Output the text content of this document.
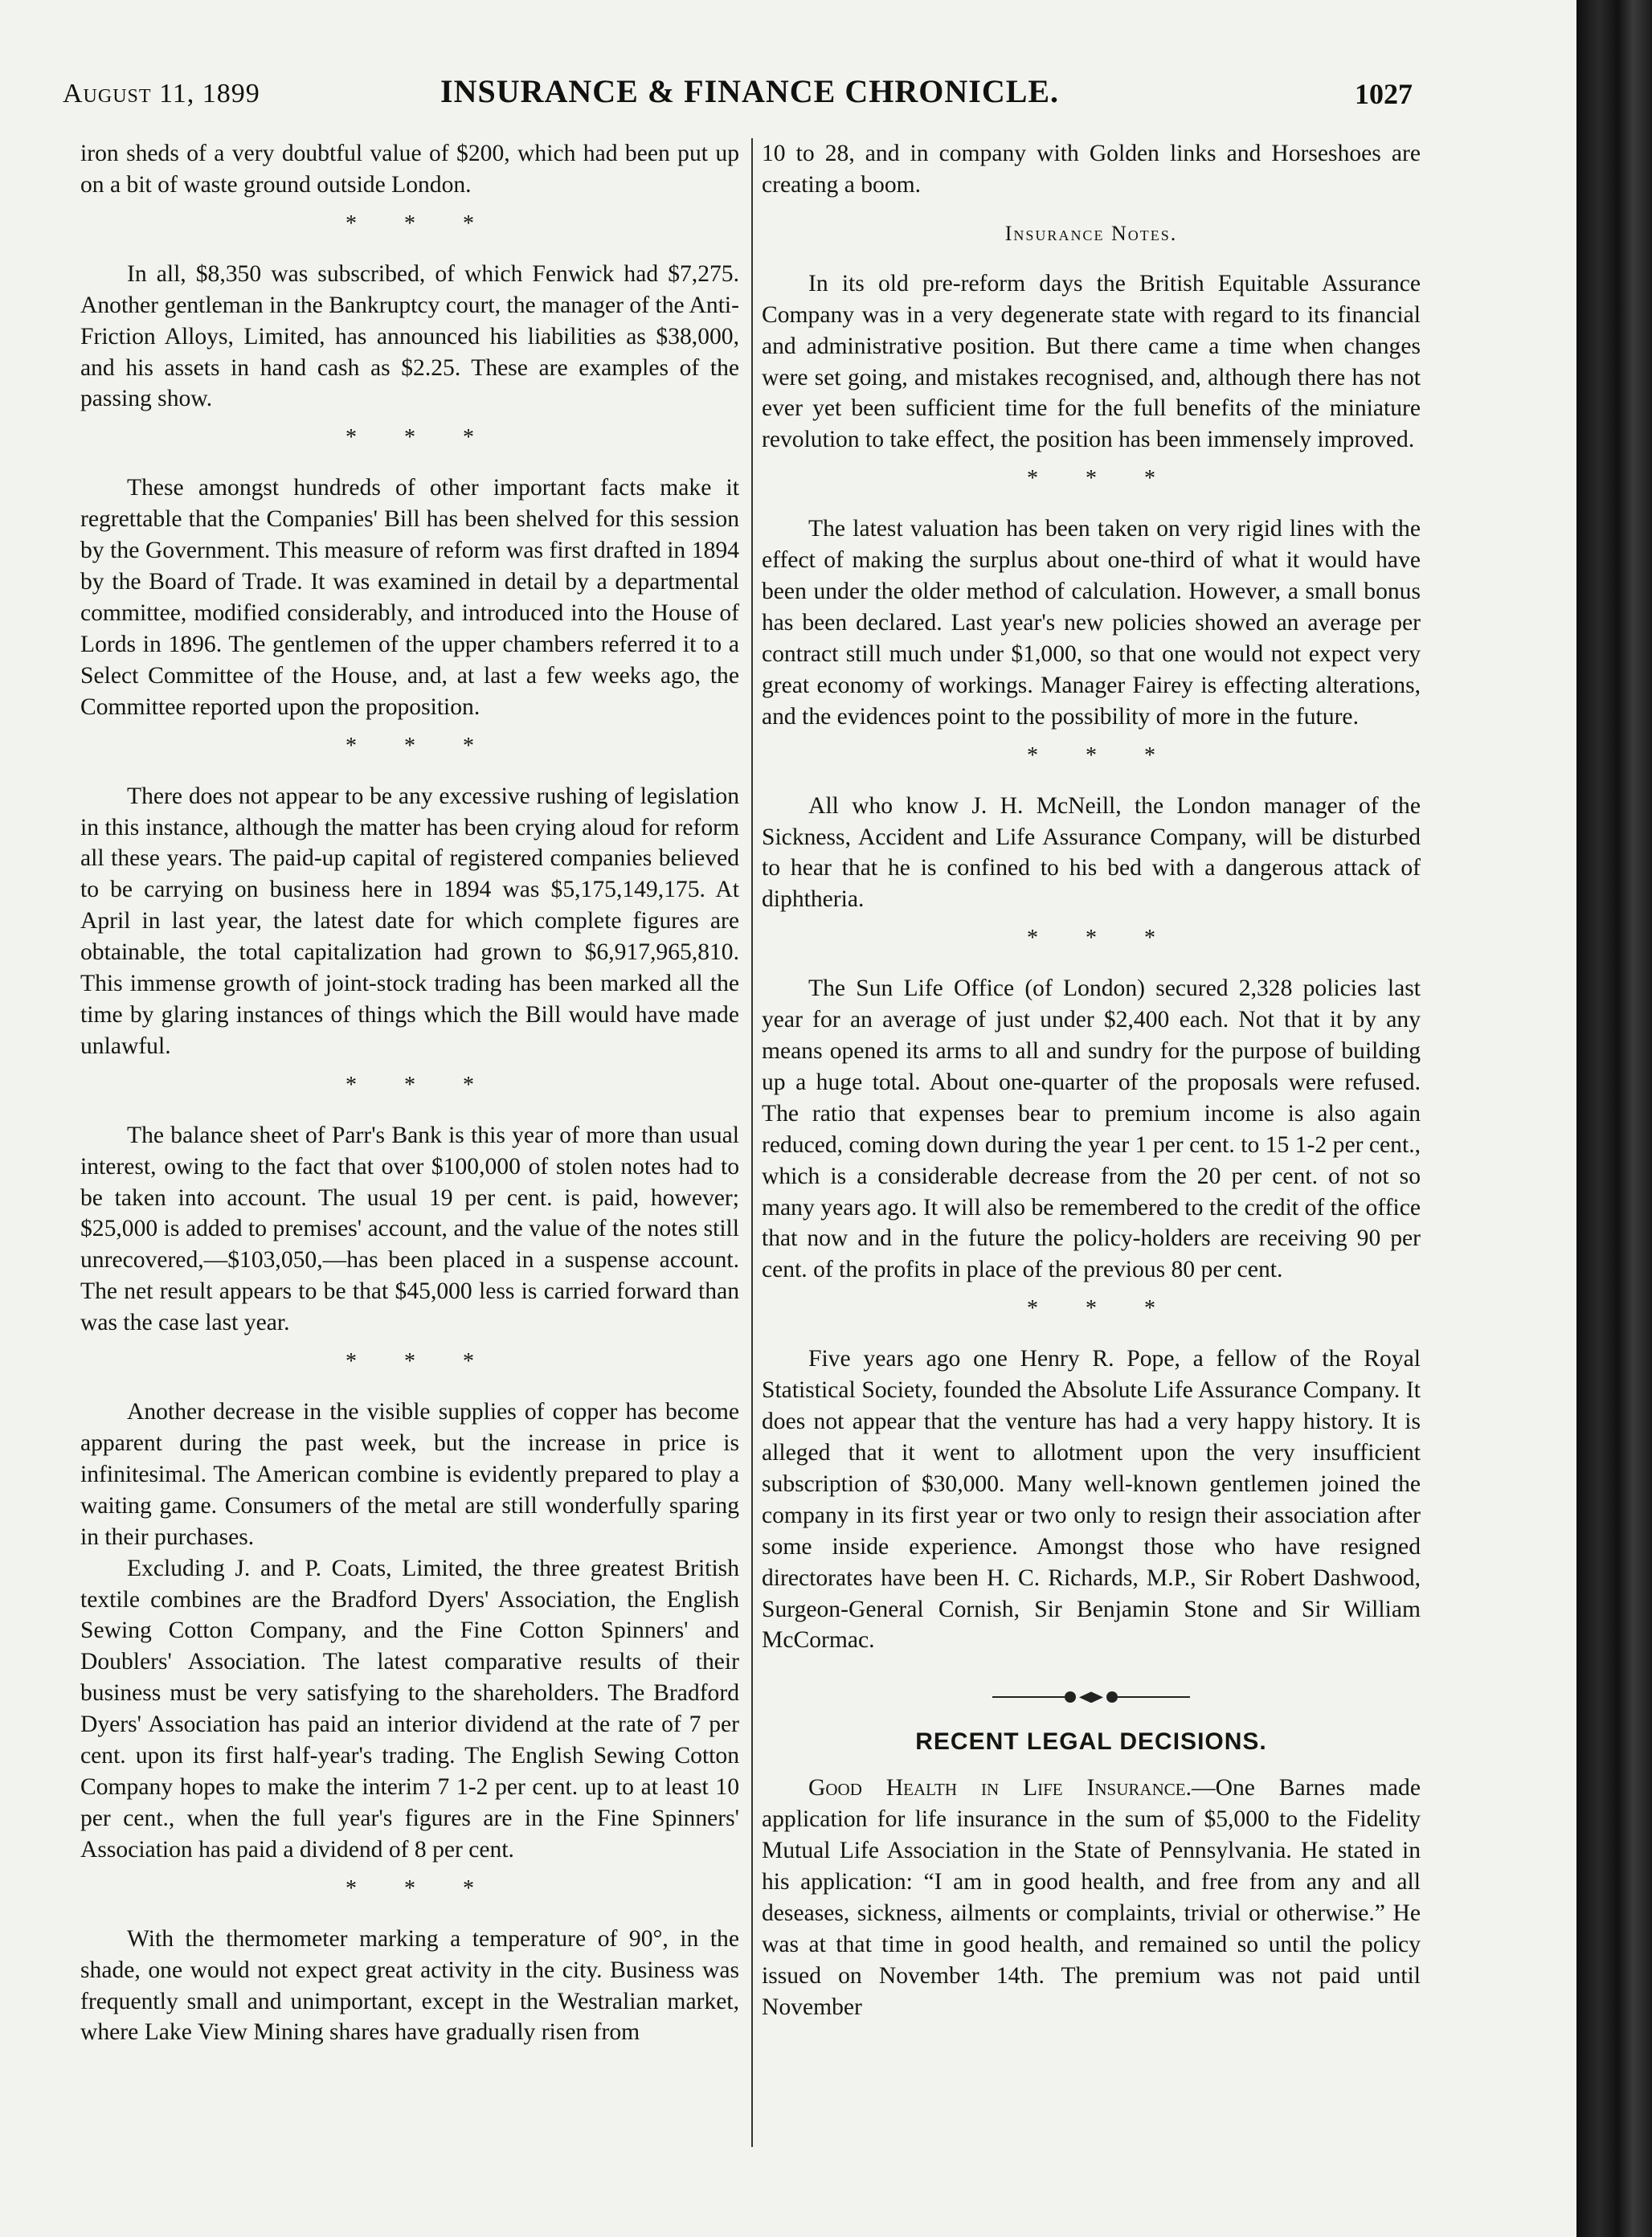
August 11, 1899	INSURANCE & FINANCE CHRONICLE.	1027

iron sheds of a very doubtful value of $200, which had been put up on a bit of waste ground outside London.

* * *

In all, $8,350 was subscribed, of which Fenwick had $7,275. Another gentleman in the Bankruptcy court, the manager of the Anti-Friction Alloys, Limited, has announced his liabilities as $38,000, and his assets in hand cash as $2.25. These are examples of the passing show.

* * *

These amongst hundreds of other important facts make it regrettable that the Companies' Bill has been shelved for this session by the Government. This measure of reform was first drafted in 1894 by the Board of Trade. It was examined in detail by a departmental committee, modified considerably, and introduced into the House of Lords in 1896. The gentlemen of the upper chambers referred it to a Select Committee of the House, and, at last a few weeks ago, the Committee reported upon the proposition.

* * *

There does not appear to be any excessive rushing of legislation in this instance, although the matter has been crying aloud for reform all these years. The paid-up capital of registered companies believed to be carrying on business here in 1894 was $5,175,149,175. At April in last year, the latest date for which complete figures are obtainable, the total capitalization had grown to $6,917,965,810. This immense growth of joint-stock trading has been marked all the time by glaring instances of things which the Bill would have made unlawful.

* * *

The balance sheet of Parr's Bank is this year of more than usual interest, owing to the fact that over $100,000 of stolen notes had to be taken into account. The usual 19 per cent. is paid, however; $25,000 is added to premises' account, and the value of the notes still unrecovered,—$103,050,—has been placed in a suspense account. The net result appears to be that $45,000 less is carried forward than was the case last year.

* * *

Another decrease in the visible supplies of copper has become apparent during the past week, but the increase in price is infinitesimal. The American combine is evidently prepared to play a waiting game. Consumers of the metal are still wonderfully sparing in their purchases.

Excluding J. and P. Coats, Limited, the three greatest British textile combines are the Bradford Dyers' Association, the English Sewing Cotton Company, and the Fine Cotton Spinners' and Doublers' Association. The latest comparative results of their business must be very satisfying to the shareholders. The Bradford Dyers' Association has paid an interior dividend at the rate of 7 per cent. upon its first half-year's trading. The English Sewing Cotton Company hopes to make the interim 7 1-2 per cent. up to at least 10 per cent., when the full year's figures are in the Fine Spinners' Association has paid a dividend of 8 per cent.

* * *

With the thermometer marking a temperature of 90°, in the shade, one would not expect great activity in the city. Business was frequently small and unimportant, except in the Westralian market, where Lake View Mining shares have gradually risen from

10 to 28, and in company with Golden links and Horseshoes are creating a boom.

Insurance Notes.

In its old pre-reform days the British Equitable Assurance Company was in a very degenerate state with regard to its financial and administrative position. But there came a time when changes were set going, and mistakes recognised, and, although there has not ever yet been sufficient time for the full benefits of the miniature revolution to take effect, the position has been immensely improved.

* * *

The latest valuation has been taken on very rigid lines with the effect of making the surplus about one-third of what it would have been under the older method of calculation. However, a small bonus has been declared. Last year's new policies showed an average per contract still much under $1,000, so that one would not expect very great economy of workings. Manager Fairey is effecting alterations, and the evidences point to the possibility of more in the future.

* * *

All who know J. H. McNeill, the London manager of the Sickness, Accident and Life Assurance Company, will be disturbed to hear that he is confined to his bed with a dangerous attack of diphtheria.

* * *

The Sun Life Office (of London) secured 2,328 policies last year for an average of just under $2,400 each. Not that it by any means opened its arms to all and sundry for the purpose of building up a huge total. About one-quarter of the proposals were refused. The ratio that expenses bear to premium income is also again reduced, coming down during the year 1 per cent. to 15 1-2 per cent., which is a considerable decrease from the 20 per cent. of not so many years ago. It will also be remembered to the credit of the office that now and in the future the policy-holders are receiving 90 per cent. of the profits in place of the previous 80 per cent.

* * *

Five years ago one Henry R. Pope, a fellow of the Royal Statistical Society, founded the Absolute Life Assurance Company. It does not appear that the venture has had a very happy history. It is alleged that it went to allotment upon the very insufficient subscription of $30,000. Many well-known gentlemen joined the company in its first year or two only to resign their association after some inside experience. Amongst those who have resigned directorates have been H. C. Richards, M.P., Sir Robert Dashwood, Surgeon-General Cornish, Sir Benjamin Stone and Sir William McCormac.

RECENT LEGAL DECISIONS.

Good Health in Life Insurance.—One Barnes made application for life insurance in the sum of $5,000 to the Fidelity Mutual Life Association in the State of Pennsylvania. He stated in his application: “I am in good health, and free from any and all deseases, sickness, ailments or complaints, trivial or otherwise.” He was at that time in good health, and remained so until the policy issued on November 14th. The premium was not paid until November
